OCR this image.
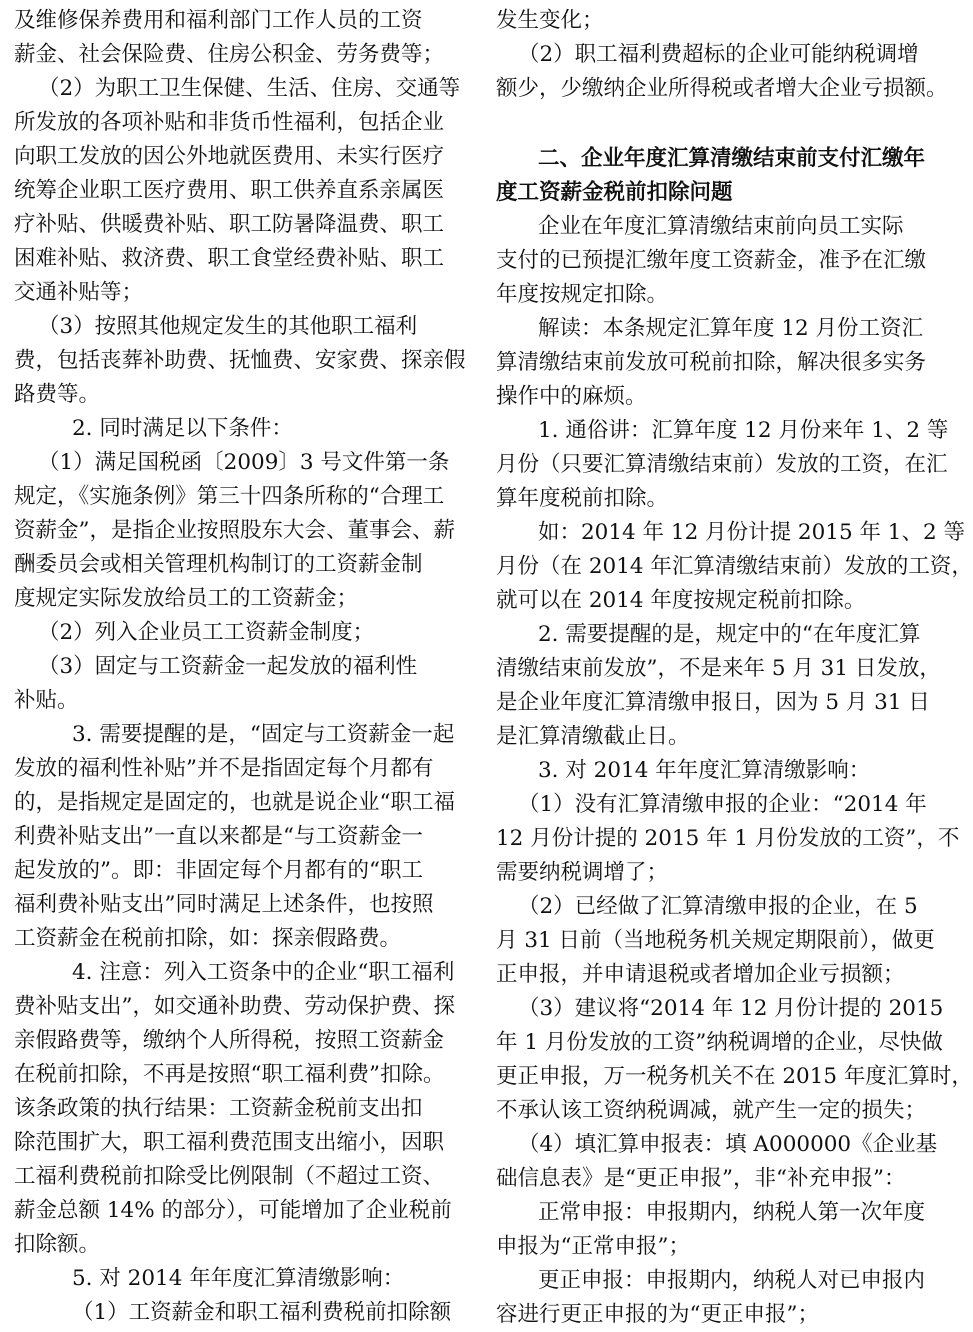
及维修保养费用和福利部门工作人员的工资
薪金、社会保险费、住房公积金、劳务费等；
（2）为职工卫生保健、生活、住房、交通等
所发放的各项补贴和非货币性福利，包括企业
向职工发放的因公外地就医费用、未实行医疗
统筹企业职工医疗费用、职工供养直系亲属医
疗补贴、供暖费补贴、职工防暑降温费、职工
困难补贴、救济费、职工食堂经费补贴、职工
交通补贴等；
（3）按照其他规定发生的其他职工福利
费，包括丧葬补助费、抚恤费、安家费、探亲假
路费等。
2. 同时满足以下条件：
（1）满足国税函〔2009〕3 号文件第一条
规定，《实施条例》第三十四条所称的“合理工
资薪金”，是指企业按照股东大会、董事会、薪
酬委员会或相关管理机构制订的工资薪金制
度规定实际发放给员工的工资薪金；
（2）列入企业员工工资薪金制度；
（3）固定与工资薪金一起发放的福利性
补贴。
3. 需要提醒的是，“固定与工资薪金一起
发放的福利性补贴”并不是指固定每个月都有
的，是指规定是固定的，也就是说企业“职工福
利费补贴支出”一直以来都是“与工资薪金一
起发放的”。即：非固定每个月都有的“职工
福利费补贴支出”同时满足上述条件，也按照
工资薪金在税前扣除，如：探亲假路费。
4. 注意：列入工资条中的企业“职工福利
费补贴支出”，如交通补助费、劳动保护费、探
亲假路费等，缴纳个人所得税，按照工资薪金
在税前扣除，不再是按照“职工福利费”扣除。
该条政策的执行结果：工资薪金税前支出扣
除范围扩大，职工福利费范围支出缩小，因职
工福利费税前扣除受比例限制（不超过工资、
薪金总额 14% 的部分），可能增加了企业税前
扣除额。
5. 对 2014 年年度汇算清缴影响：
（1）工资薪金和职工福利费税前扣除额
发生变化；
（2）职工福利费超标的企业可能纳税调增
额少，少缴纳企业所得税或者增大企业亏损额。
二、企业年度汇算清缴结束前支付汇缴年
度工资薪金税前扣除问题
企业在年度汇算清缴结束前向员工实际
支付的已预提汇缴年度工资薪金，准予在汇缴
年度按规定扣除。
解读：本条规定汇算年度 12 月份工资汇
算清缴结束前发放可税前扣除，解决很多实务
操作中的麻烦。
1. 通俗讲：汇算年度 12 月份来年 1、2 等
月份（只要汇算清缴结束前）发放的工资，在汇
算年度税前扣除。
如：2014 年 12 月份计提 2015 年 1、2 等
月份（在 2014 年汇算清缴结束前）发放的工资，
就可以在 2014 年度按规定税前扣除。
2. 需要提醒的是，规定中的“在年度汇算
清缴结束前发放”，不是来年 5 月 31 日发放，
是企业年度汇算清缴申报日，因为 5 月 31 日
是汇算清缴截止日。
3. 对 2014 年年度汇算清缴影响：
（1）没有汇算清缴申报的企业：“2014 年
12 月份计提的 2015 年 1 月份发放的工资”，不
需要纳税调增了；
（2）已经做了汇算清缴申报的企业，在 5
月 31 日前（当地税务机关规定期限前），做更
正申报，并申请退税或者增加企业亏损额；
（3）建议将“2014 年 12 月份计提的 2015
年 1 月份发放的工资”纳税调增的企业，尽快做
更正申报，万一税务机关不在 2015 年度汇算时，
不承认该工资纳税调减，就产生一定的损失；
（4）填汇算申报表：填 A000000《企业基
础信息表》是“更正申报”，非“补充申报”：
正常申报：申报期内，纳税人第一次年度
申报为“正常申报”；
更正申报：申报期内，纳税人对已申报内
容进行更正申报的为“更正申报”；
